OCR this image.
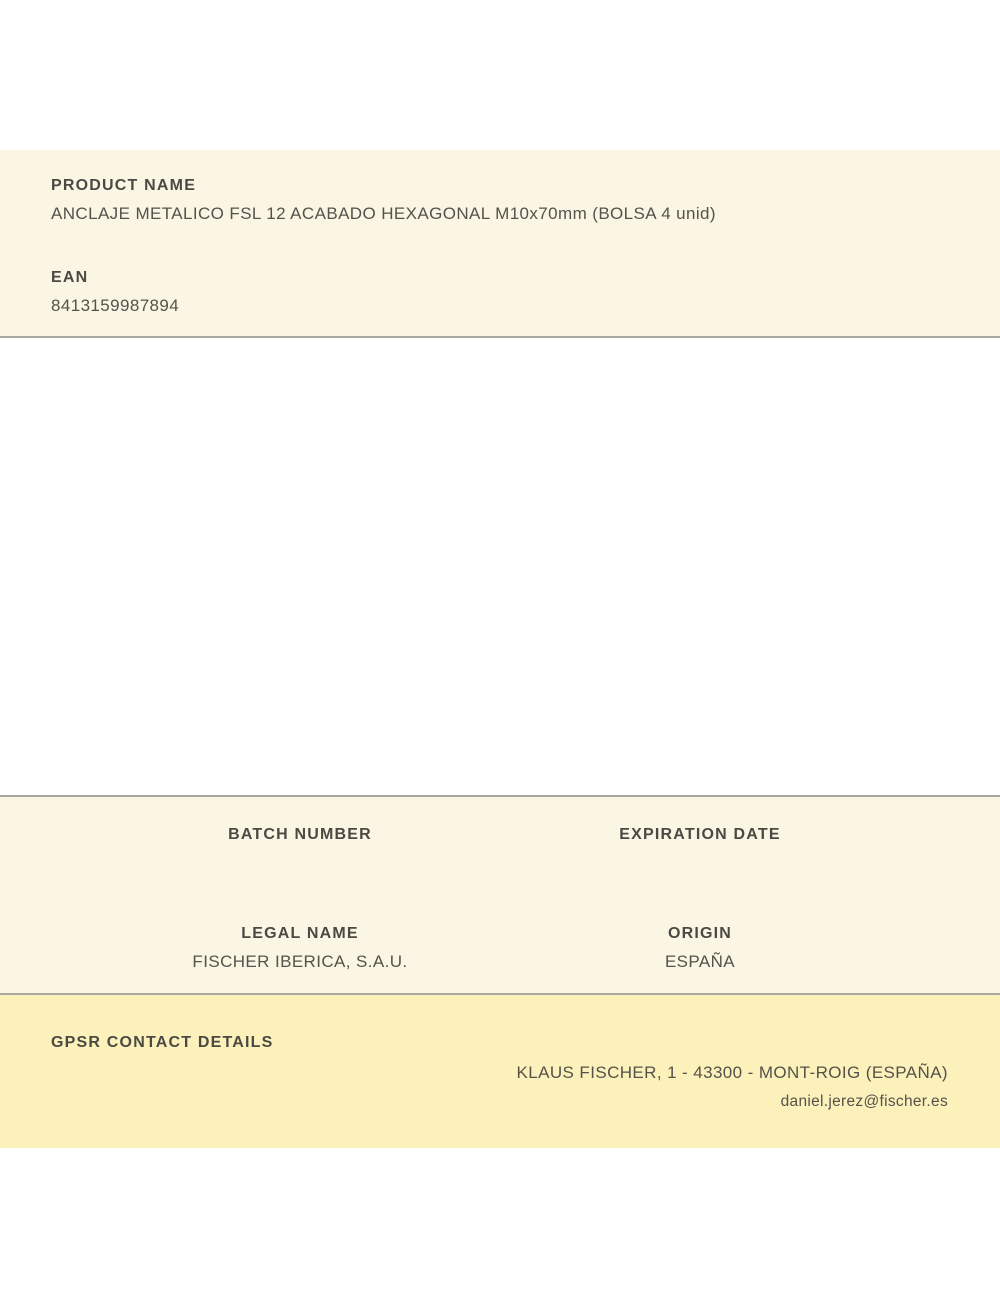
PRODUCT NAME
ANCLAJE METALICO FSL 12 ACABADO HEXAGONAL M10x70mm (BOLSA 4 unid)
EAN
8413159987894
BATCH NUMBER	EXPIRATION DATE
LEGAL NAME
FISCHER IBERICA, S.A.U.
ORIGIN
ESPAÑA
GPSR CONTACT DETAILS
KLAUS FISCHER, 1 - 43300 - MONT-ROIG (ESPAÑA)
daniel.jerez@fischer.es
